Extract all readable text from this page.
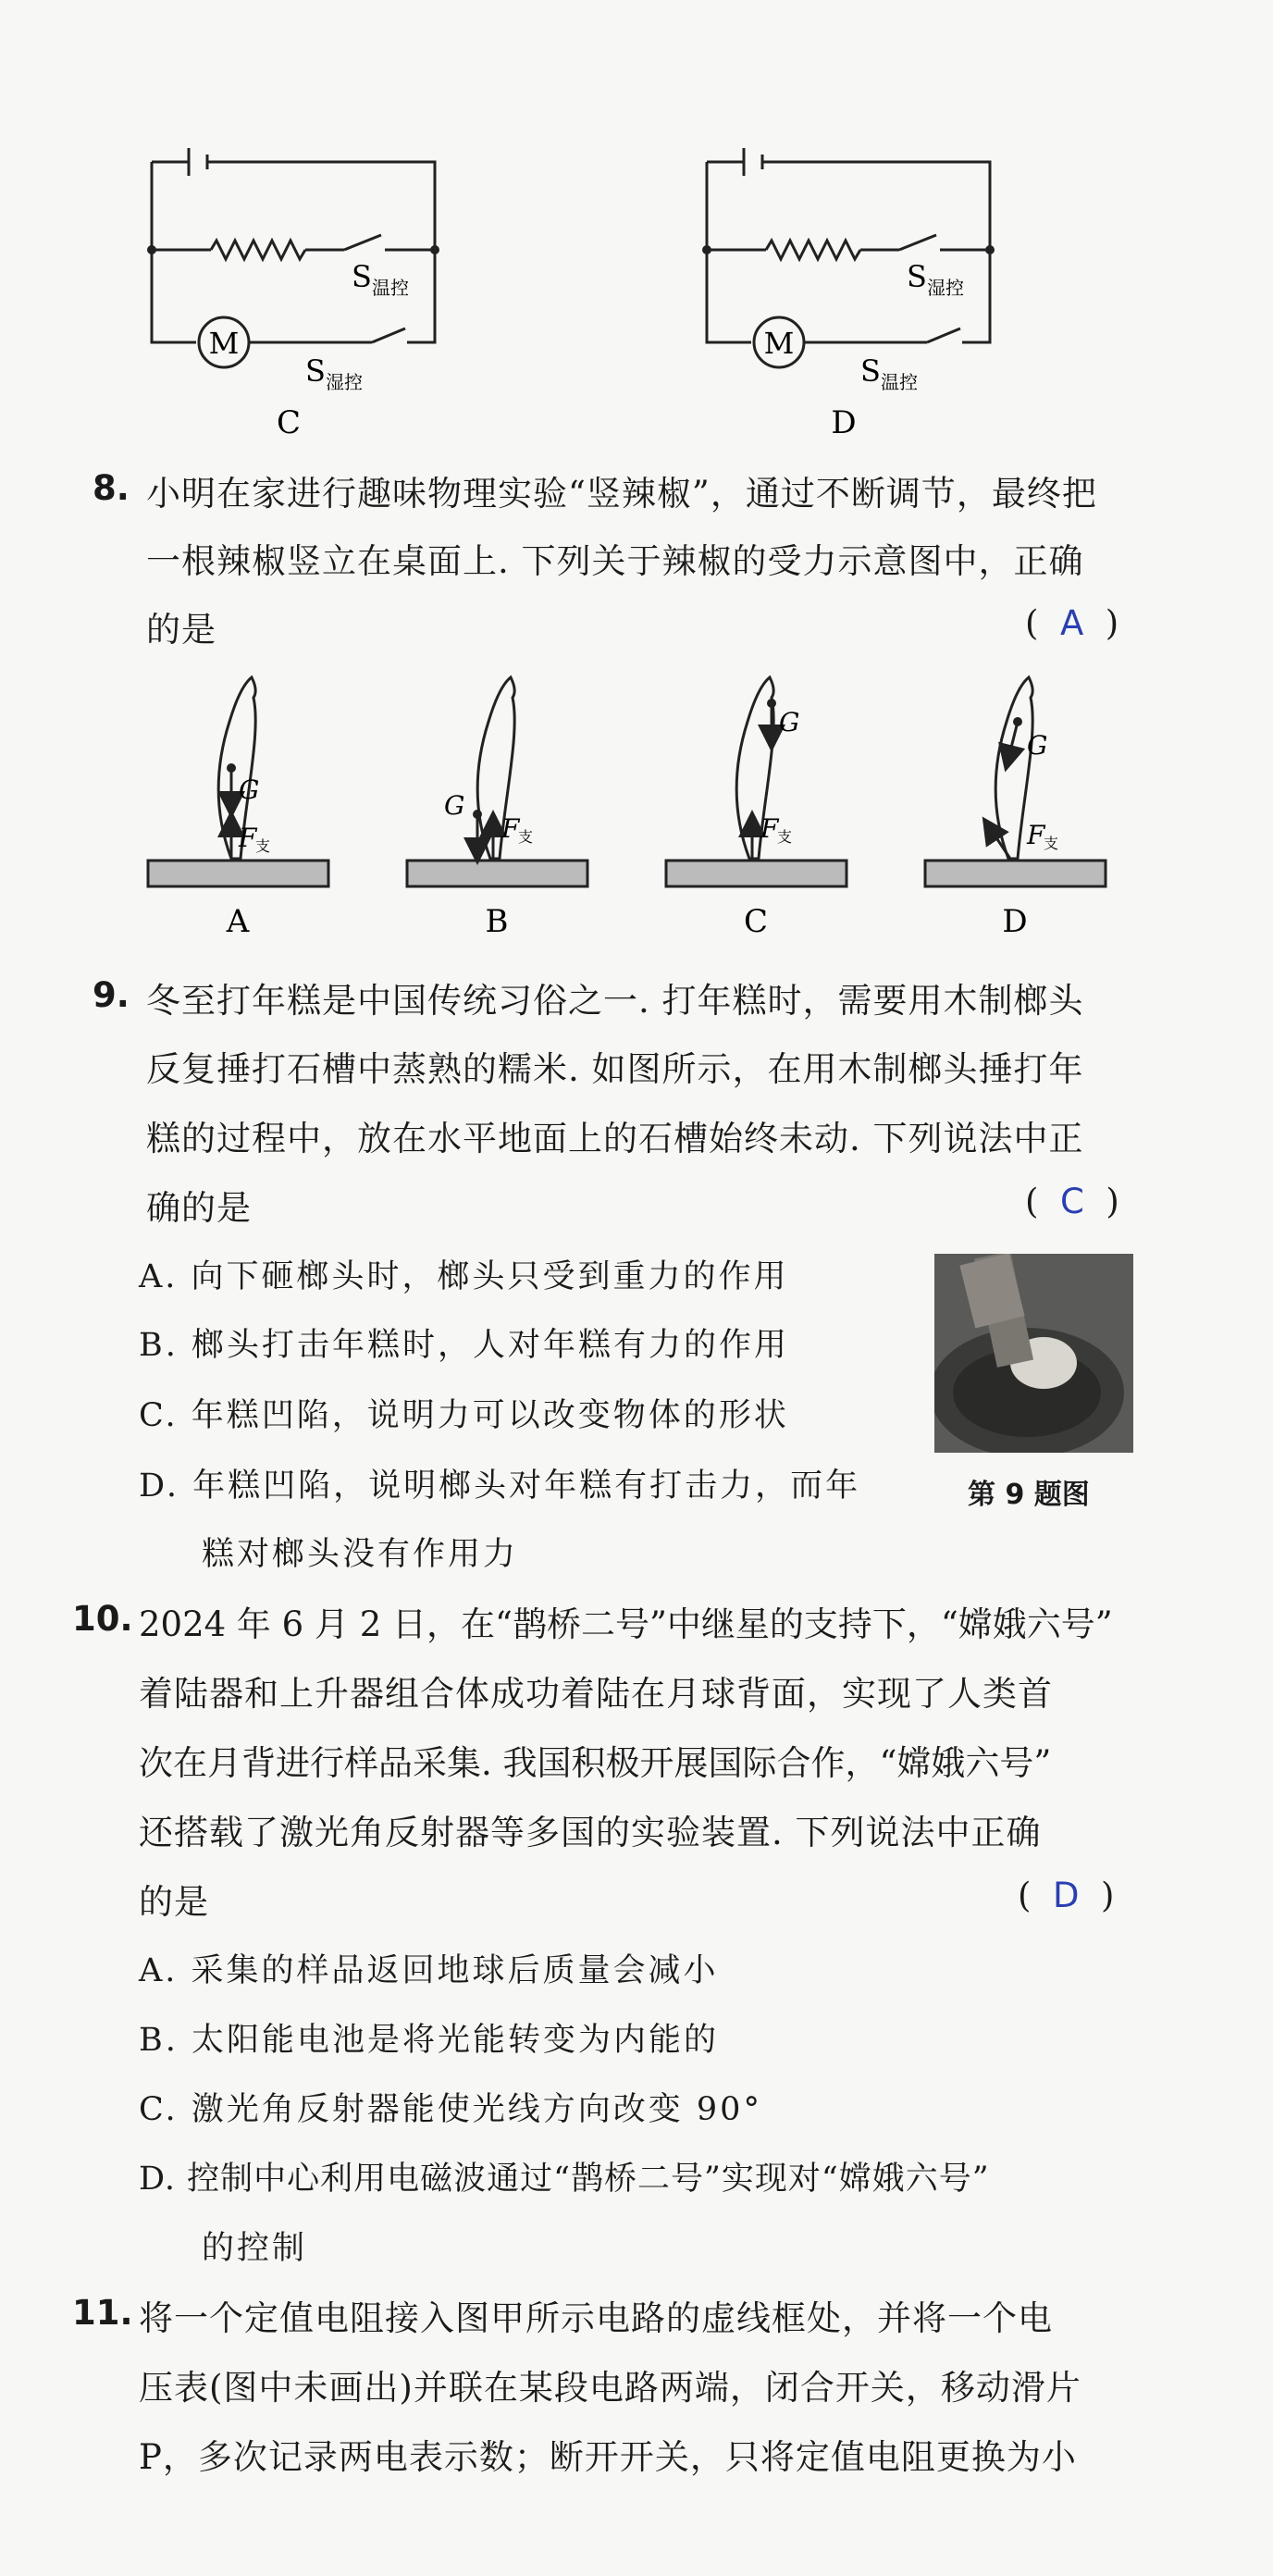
M
S 温控
S 湿控
C
M
S 湿控
S 温控
D
8. 小明在家进行趣味物理实验“竖辣椒”，通过不断调节，最终把
一根辣椒竖立在桌面上. 下列关于辣椒的受力示意图中，正确
的是	(  A  )
G
F
G
F
G
F
G
F
支
支	支	支
A	B	C	D
9. 冬至打年糕是中国传统习俗之一. 打年糕时，需要用木制榔头
反复捶打石槽中蒸熟的糯米. 如图所示，在用木制榔头捶打年
糕的过程中，放在水平地面上的石槽始终未动. 下列说法中正
确的是	(  C  )
A. 向下砸榔头时，榔头只受到重力的作用
B. 榔头打击年糕时，人对年糕有力的作用
C. 年糕凹陷，说明力可以改变物体的形状
D. 年糕凹陷，说明榔头对年糕有打击力，而年
糕对榔头没有作用力
第 9 题图
10. 2024 年 6 月 2 日，在“鹊桥二号”中继星的支持下，“嫦娥六号”
着陆器和上升器组合体成功着陆在月球背面，实现了人类首
次在月背进行样品采集. 我国积极开展国际合作，“嫦娥六号”
还搭载了激光角反射器等多国的实验装置. 下列说法中正确
的是	(  D  )
A. 采集的样品返回地球后质量会减小
B. 太阳能电池是将光能转变为内能的
C. 激光角反射器能使光线方向改变 90°
D. 控制中心利用电磁波通过“鹊桥二号”实现对“嫦娥六号”
的控制
11. 将一个定值电阻接入图甲所示电路的虚线框处，并将一个电
压表(图中未画出)并联在某段电路两端，闭合开关，移动滑片
P，多次记录两电表示数；断开开关，只将定值电阻更换为小
